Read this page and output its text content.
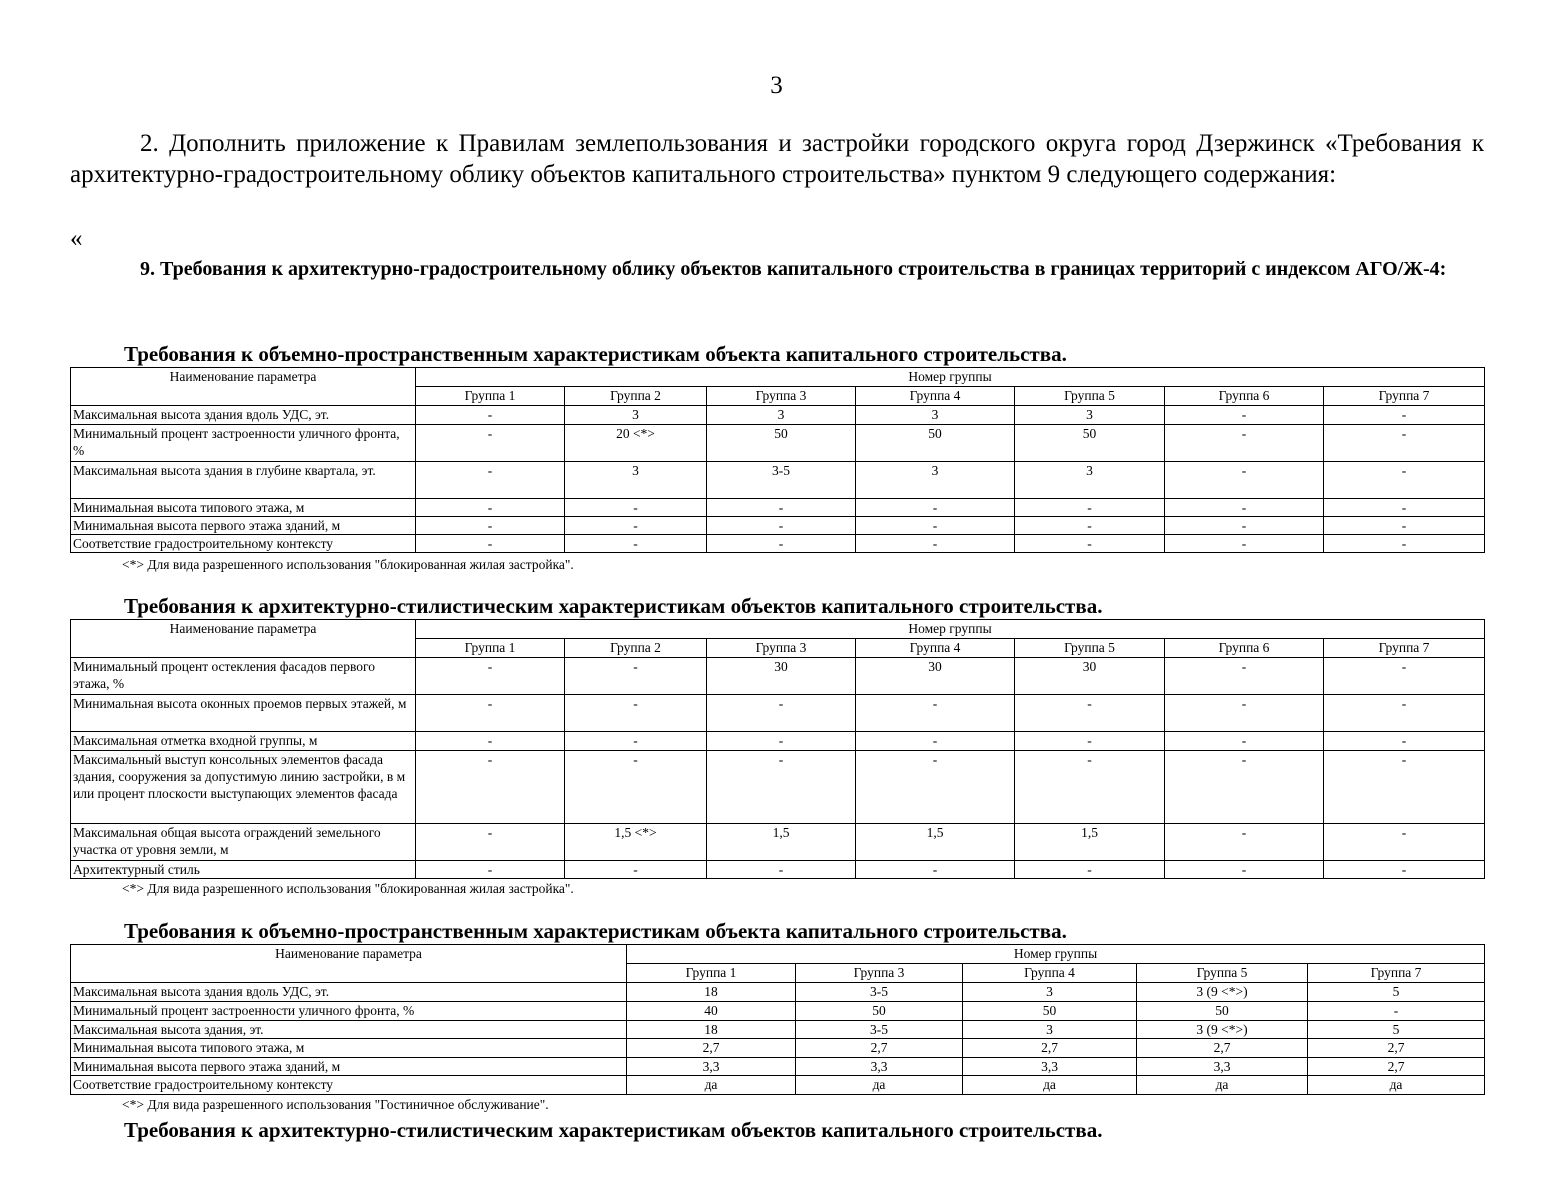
3

2. Дополнить приложение к Правилам землепользования и застройки городского округа город Дзержинск «Требования к архитектурно-градостроительному облику объектов капитального строительства» пунктом 9 следующего содержания:

«

9. Требования к архитектурно-градостроительному облику объектов капитального строительства в границах территорий с индексом АГО/Ж-4:

Требования к объемно-пространственным характеристикам объекта капитального строительства.
Наименование параметра	Номер группы						
	Группа 1	Группа 2	Группа 3	Группа 4	Группа 5	Группа 6	Группа 7
Максимальная высота здания вдоль УДС, эт.	-	3	3	3	3	-	-
Минимальный процент застроенности уличного фронта, %	-	20 <*>	50	50	50	-	-
Максимальная высота здания в глубине квартала, эт.	-	3	3-5	3	3	-	-
Минимальная высота типового этажа, м	-	-	-	-	-	-	-
Минимальная высота первого этажа зданий, м	-	-	-	-	-	-	-
Соответствие градостроительному контексту	-	-	-	-	-	-	-
<*> Для вида разрешенного использования "блокированная жилая застройка".
Требования к архитектурно-стилистическим характеристикам объектов капитального строительства.
Наименование параметра	Номер группы						
	Группа 1	Группа 2	Группа 3	Группа 4	Группа 5	Группа 6	Группа 7
Минимальный процент остекления фасадов первого этажа, %	-	-	30	30	30	-	-
Минимальная высота оконных проемов первых этажей, м	-	-	-	-	-	-	-
Максимальная отметка входной группы, м	-	-	-	-	-	-	-
Максимальный выступ консольных элементов фасада здания, сооружения за допустимую линию застройки, в м или процент плоскости выступающих элементов фасада	-	-	-	-	-	-	-
Максимальная общая высота ограждений земельного участка от уровня земли, м	-	1,5 <*>	1,5	1,5	1,5	-	-
Архитектурный стиль	-	-	-	-	-	-	-
<*> Для вида разрешенного использования "блокированная жилая застройка".
Требования к объемно-пространственным характеристикам объекта капитального строительства.
Наименование параметра	Номер группы				
	Группа 1	Группа 3	Группа 4	Группа 5	Группа 7
Максимальная высота здания вдоль УДС, эт.	18	3-5	3	3 (9 <*>)	5
Минимальный процент застроенности уличного фронта, %	40	50	50	50	-
Максимальная высота здания, эт.	18	3-5	3	3 (9 <*>)	5
Минимальная высота типового этажа, м	2,7	2,7	2,7	2,7	2,7
Минимальная высота первого этажа зданий, м	3,3	3,3	3,3	3,3	2,7
Соответствие градостроительному контексту	да	да	да	да	да
<*> Для вида разрешенного использования "Гостиничное обслуживание".
Требования к архитектурно-стилистическим характеристикам объектов капитального строительства.
